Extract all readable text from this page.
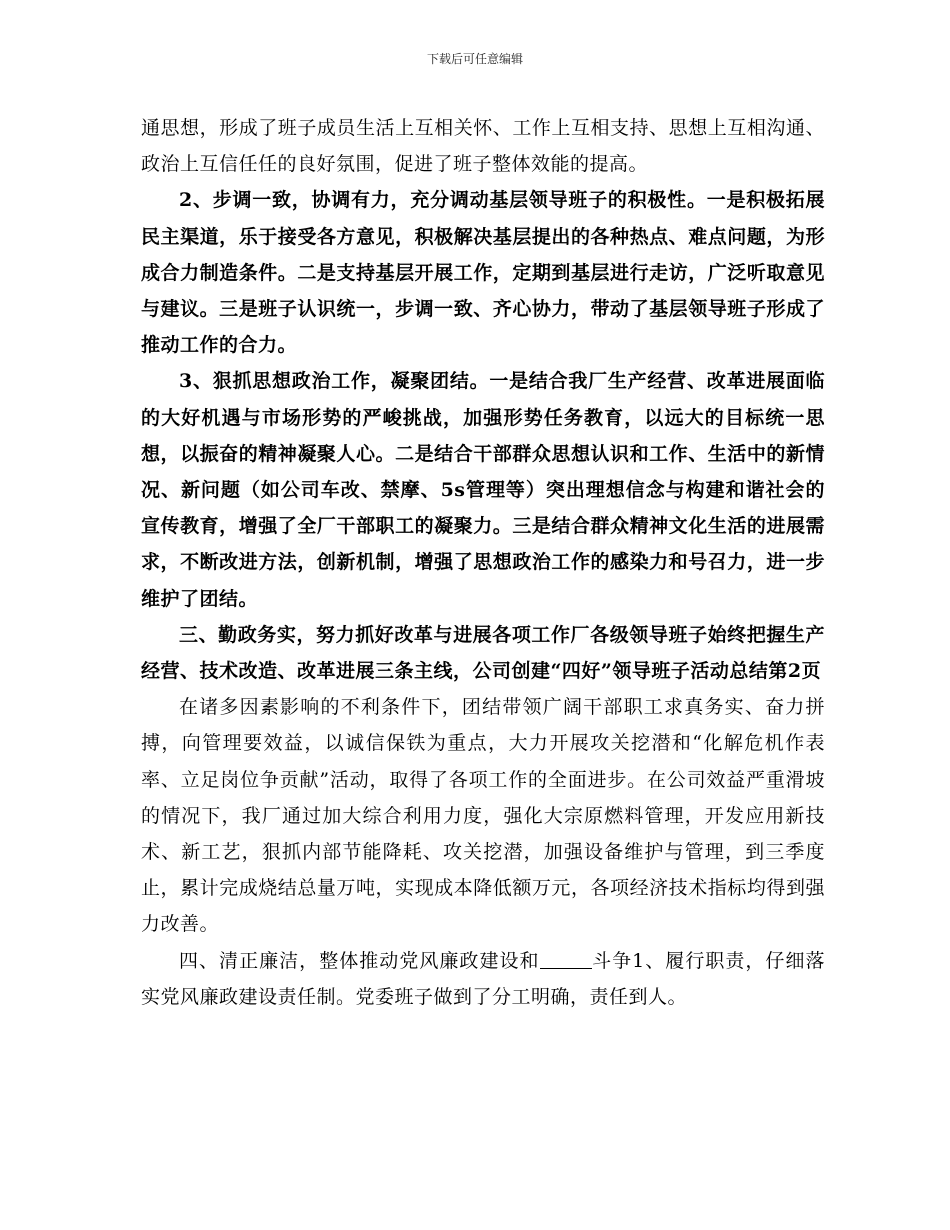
下载后可任意编辑

通思想，形成了班子成员生活上互相关怀、工作上互相支持、思想上互相沟通、政治上互信任任的良好氛围，促进了班子整体效能的提高。

2、步调一致，协调有力，充分调动基层领导班子的积极性。一是积极拓展民主渠道，乐于接受各方意见，积极解决基层提出的各种热点、难点问题，为形成合力制造条件。二是支持基层开展工作，定期到基层进行走访，广泛听取意见与建议。三是班子认识统一，步调一致、齐心协力，带动了基层领导班子形成了推动工作的合力。

3、狠抓思想政治工作，凝聚团结。一是结合我厂生产经营、改革进展面临的大好机遇与市场形势的严峻挑战，加强形势任务教育，以远大的目标统一思想，以振奋的精神凝聚人心。二是结合干部群众思想认识和工作、生活中的新情况、新问题（如公司车改、禁摩、5s管理等）突出理想信念与构建和谐社会的宣传教育，增强了全厂干部职工的凝聚力。三是结合群众精神文化生活的进展需求，不断改进方法，创新机制，增强了思想政治工作的感染力和号召力，进一步维护了团结。

三、勤政务实，努力抓好改革与进展各项工作厂各级领导班子始终把握生产经营、技术改造、改革进展三条主线，公司创建“四好”领导班子活动总结第2页

在诸多因素影响的不利条件下，团结带领广阔干部职工求真务实、奋力拼搏，向管理要效益，以诚信保铁为重点，大力开展攻关挖潜和“化解危机作表率、立足岗位争贡献”活动，取得了各项工作的全面进步。在公司效益严重滑坡的情况下，我厂通过加大综合利用力度，强化大宗原燃料管理，开发应用新技术、新工艺，狠抓内部节能降耗、攻关挖潜，加强设备维护与管理，到三季度止，累计完成烧结总量万吨，实现成本降低额万元，各项经济技术指标均得到强力改善。

四、清正廉洁，整体推动党风廉政建设和	斗争1、履行职责，仔细落实党风廉政建设责任制。党委班子做到了分工明确，责任到人。
